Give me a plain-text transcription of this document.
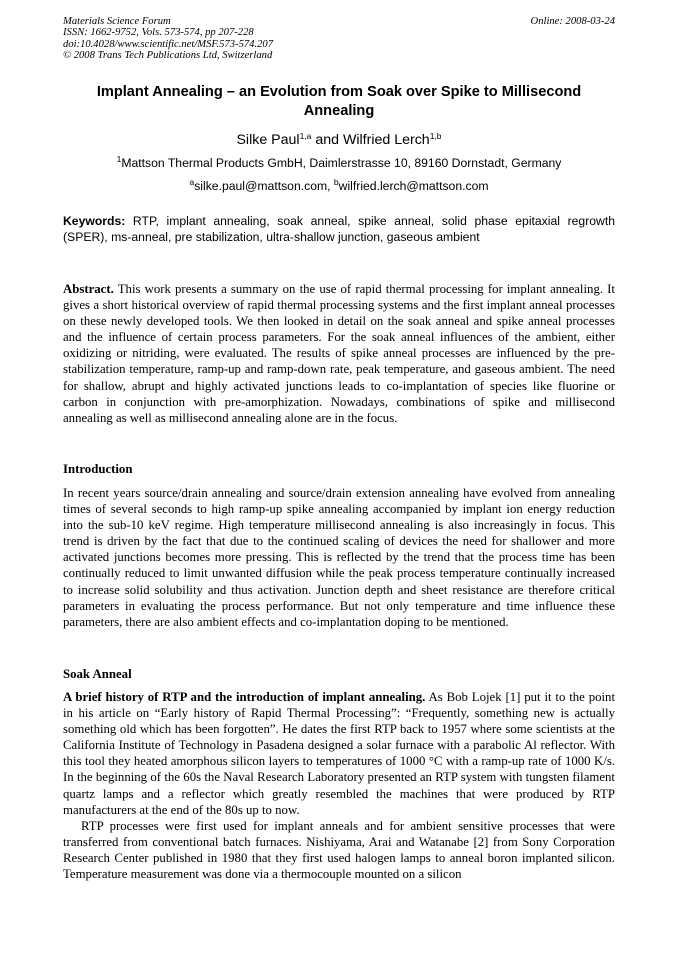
Materials Science Forum
ISSN: 1662-9752, Vols. 573-574, pp 207-228
doi:10.4028/www.scientific.net/MSF.573-574.207
© 2008 Trans Tech Publications Ltd, Switzerland
Online: 2008-03-24
Implant Annealing – an Evolution from Soak over Spike to Millisecond Annealing
Silke Paul$^{1,a}$ and Wilfried Lerch$^{1,b}$
$^1$Mattson Thermal Products GmbH, Daimlerstrasse 10, 89160 Dornstadt, Germany
$^a$silke.paul@mattson.com, $^b$wilfried.lerch@mattson.com
Keywords: RTP, implant annealing, soak anneal, spike anneal, solid phase epitaxial regrowth (SPER), ms-anneal, pre stabilization, ultra-shallow junction, gaseous ambient
Abstract. This work presents a summary on the use of rapid thermal processing for implant annealing. It gives a short historical overview of rapid thermal processing systems and the first implant anneal processes on these newly developed tools. We then looked in detail on the soak anneal and spike anneal processes and the influence of certain process parameters. For the soak anneal influences of the ambient, either oxidizing or nitriding, were evaluated. The results of spike anneal processes are influenced by the pre-stabilization temperature, ramp-up and ramp-down rate, peak temperature, and gaseous ambient. The need for shallow, abrupt and highly activated junctions leads to co-implantation of species like fluorine or carbon in conjunction with pre-amorphization. Nowadays, combinations of spike and millisecond annealing as well as millisecond annealing alone are in the focus.
Introduction
In recent years source/drain annealing and source/drain extension annealing have evolved from annealing times of several seconds to high ramp-up spike annealing accompanied by implant ion energy reduction into the sub-10 keV regime. High temperature millisecond annealing is also increasingly in focus. This trend is driven by the fact that due to the continued scaling of devices the need for shallower and more activated junctions becomes more pressing. This is reflected by the trend that the process time has been continually reduced to limit unwanted diffusion while the peak process temperature continually increased to increase solid solubility and thus activation. Junction depth and sheet resistance are therefore critical parameters in evaluating the process performance. But not only temperature and time influence these parameters, there are also ambient effects and co-implantation doping to be mentioned.
Soak Anneal

A brief history of RTP and the introduction of implant annealing. As Bob Lojek [1] put it to the point in his article on “Early history of Rapid Thermal Processing”: “Frequently, something new is actually something old which has been forgotten”. He dates the first RTP back to 1957 where some scientists at the California Institute of Technology in Pasadena designed a solar furnace with a parabolic Al reflector. With this tool they heated amorphous silicon layers to temperatures of 1000 °C with a ramp-up rate of 1000 K/s. In the beginning of the 60s the Naval Research Laboratory presented an RTP system with tungsten filament quartz lamps and a reflector which greatly resembled the machines that were produced by RTP manufacturers at the end of the 80s up to now.

RTP processes were first used for implant anneals and for ambient sensitive processes that were transferred from conventional batch furnaces. Nishiyama, Arai and Watanabe [2] from Sony Corporation Research Center published in 1980 that they first used halogen lamps to anneal boron implanted silicon. Temperature measurement was done via a thermocouple mounted on a silicon
